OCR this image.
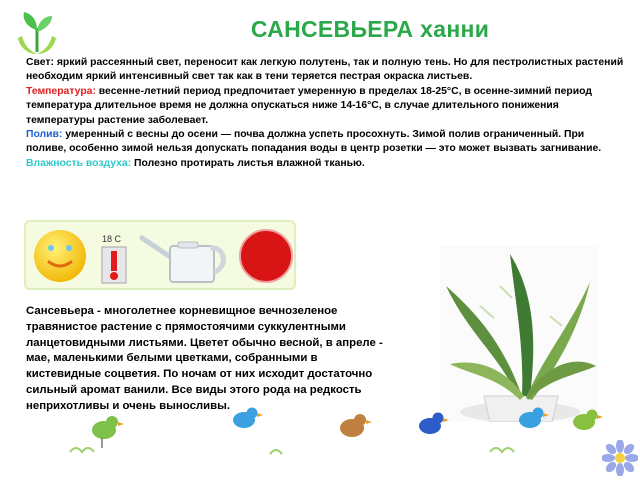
САНСЕВЬЕРА ханни

Свет: яркий рассеянный свет, переносит как легкую полутень, так и полную тень. Но для пестролистных растений необходим яркий интенсивный свет так как в тени теряется пестрая окраска листьев.

Температура: весенне-летний период предпочитает умеренную в пределах 18-25°С, в осенне-зимний период температура длительное время не должна опускаться ниже 14-16°С, в случае длительного понижения температуры растение заболевает.

Полив: умеренный с весны до осени — почва должна успеть просохнуть. Зимой полив ограниченный. При поливе, особенно зимой нельзя допускать попадания воды в центр розетки — это может вызвать загнивание.

Влажность воздуха: Полезно протирать листья влажной тканью.

18 С
Сансевьера - многолетнее корневищное вечнозеленое травянистое растение с прямостоячими суккулентными ланцетовидными листьями. Цветет обычно весной, в апреле - мае, маленькими белыми цветками, собранными в кистевидные соцветия. По ночам от них исходит достаточно сильный аромат ванили. Все виды этого рода на редкость неприхотливы и очень выносливы.
